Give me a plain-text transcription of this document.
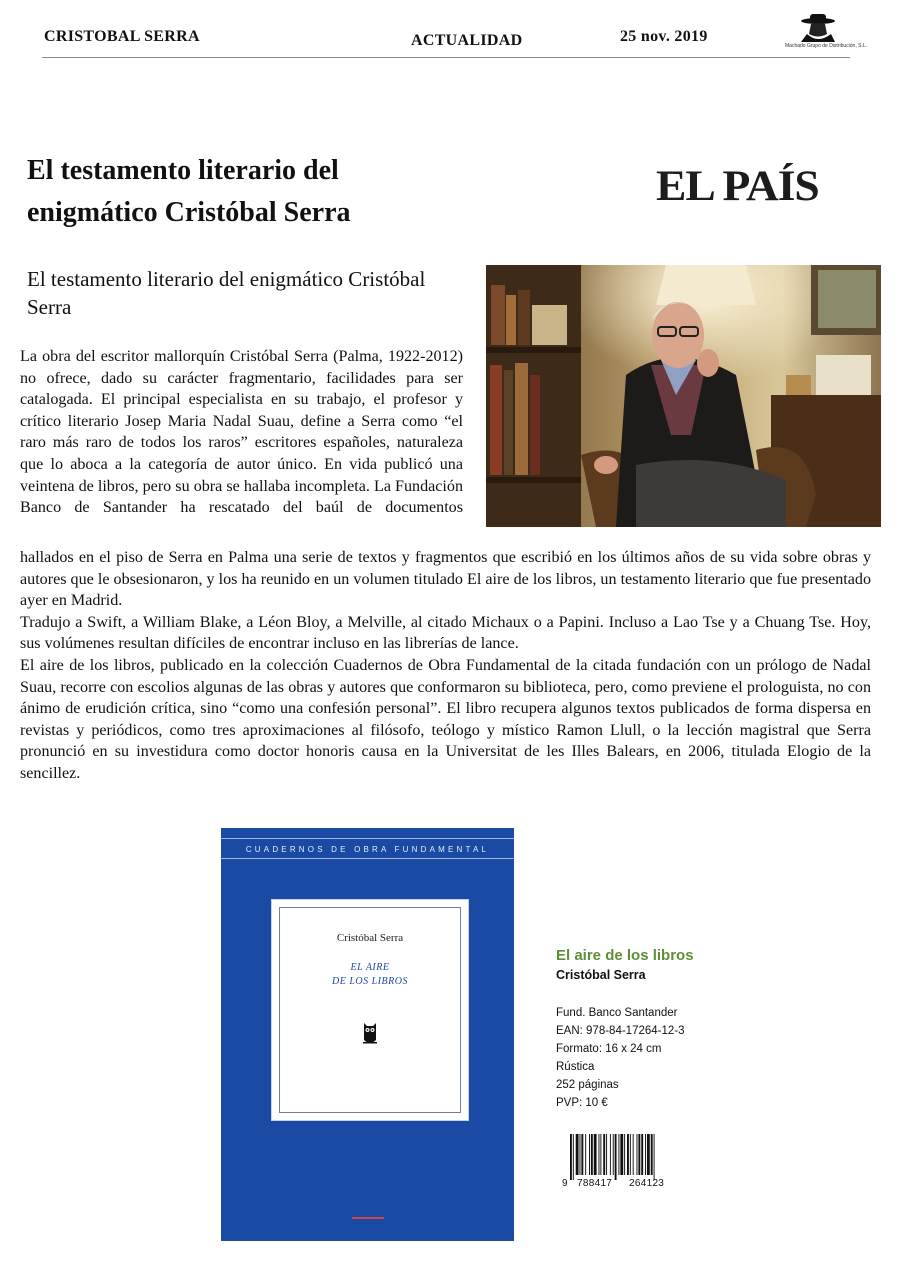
CRISTOBAL SERRA	ACTUALIDAD	25 nov. 2019
Machado Grupo de Distribución, S.L.
El testamento literario del enigmático Cristóbal Serra
EL PAÍS
El testamento literario del enigmático Cristóbal Serra

La obra del escritor mallorquín Cristóbal Serra (Palma, 1922-2012) no ofrece, dado su carácter fragmentario, facilidades para ser catalogada. El principal especialista en su trabajo, el profesor y crítico literario Josep Maria Nadal Suau, define a Serra como “el raro más raro de todos los raros” escritores españoles, naturaleza que lo aboca a la categoría de autor único. En vida publicó una veintena de libros, pero su obra se hallaba incompleta. La Fundación Banco de Santander ha rescatado del baúl de documentos

hallados en el piso de Serra en Palma una serie de textos y fragmentos que escribió en los últimos años de su vida sobre obras y autores que le obsesionaron, y los ha reunido en un volumen titulado El aire de los libros, un testamento literario que fue presentado ayer en Madrid.

Tradujo a Swift, a William Blake, a Léon Bloy, a Melville, al citado Michaux o a Papini. Incluso a Lao Tse y a Chuang Tse. Hoy, sus volúmenes resultan difíciles de encontrar incluso en las librerías de lance.

El aire de los libros, publicado en la colección Cuadernos de Obra Fundamental de la citada fundación con un prólogo de Nadal Suau, recorre con escolios algunas de las obras y autores que conformaron su biblioteca, pero, como previene el prologuista, no con ánimo de erudición crítica, sino “como una confesión personal”. El libro recupera algunos textos publicados de forma dispersa en revistas y periódicos, como tres aproximaciones al filósofo, teólogo y místico Ramon Llull, o la lección magistral que Serra pronunció en su investidura como doctor honoris causa en la Universitat de les Illes Balears, en 2006, titulada Elogio de la sencillez.

CUADERNOS DE OBRA FUNDAMENTAL
Cristóbal Serra
EL AIRE
DE LOS LIBROS

El aire de los libros

Cristóbal Serra

Fund. Banco Santander
EAN: 978-84-17264-12-3
Formato: 16 x 24 cm
Rústica
252 páginas
PVP: 10 €
9 788417 264123
